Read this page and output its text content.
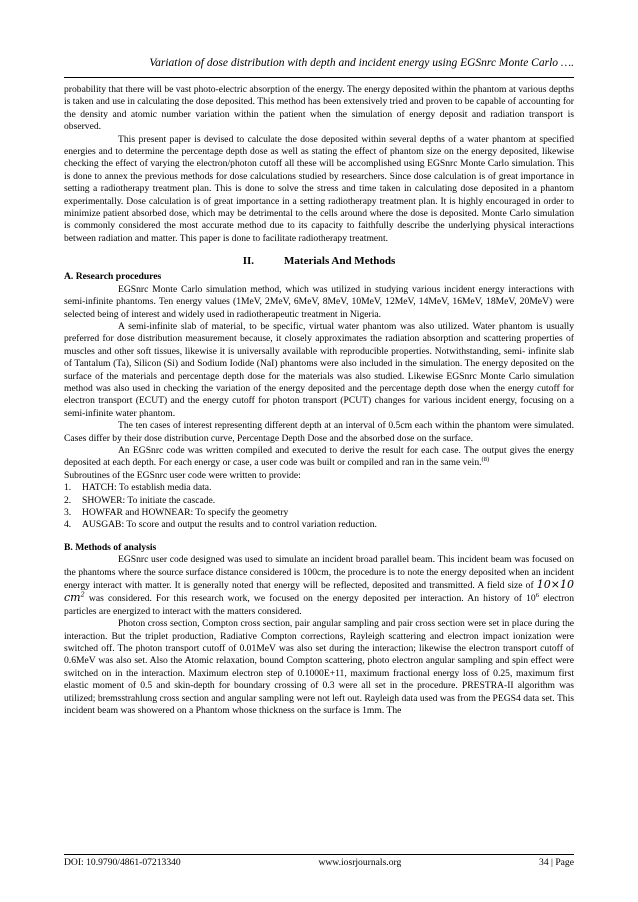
Variation of dose distribution with depth and incident energy using EGSnrc Monte Carlo ….

probability that there will be vast photo-electric absorption of the energy. The energy deposited within the phantom at various depths is taken and use in calculating the dose deposited. This method has been extensively tried and proven to be capable of accounting for the density and atomic number variation within the patient when the simulation of energy deposit and radiation transport is observed.

This present paper is devised to calculate the dose deposited within several depths of a water phantom at specified energies and to determine the percentage depth dose as well as stating the effect of phantom size on the energy deposited, likewise checking the effect of varying the electron/photon cutoff all these will be accomplished using EGSnrc Monte Carlo simulation. This is done to annex the previous methods for dose calculations studied by researchers. Since dose calculation is of great importance in setting a radiotherapy treatment plan. This is done to solve the stress and time taken in calculating dose deposited in a phantom experimentally. Dose calculation is of great importance in a setting radiotherapy treatment plan. It is highly encouraged in order to minimize patient absorbed dose, which may be detrimental to the cells around where the dose is deposited. Monte Carlo simulation is commonly considered the most accurate method due to its capacity to faithfully describe the underlying physical interactions between radiation and matter. This paper is done to facilitate radiotherapy treatment.

II.	Materials And Methods

A. Research procedures

EGSnrc Monte Carlo simulation method, which was utilized in studying various incident energy interactions with semi-infinite phantoms. Ten energy values (1MeV, 2MeV, 6MeV, 8MeV, 10MeV, 12MeV, 14MeV, 16MeV, 18MeV, 20MeV) were selected being of interest and widely used in radiotherapeutic treatment in Nigeria.

A semi-infinite slab of material, to be specific, virtual water phantom was also utilized. Water phantom is usually preferred for dose distribution measurement because, it closely approximates the radiation absorption and scattering properties of muscles and other soft tissues, likewise it is universally available with reproducible properties. Notwithstanding, semi- infinite slab of Tantalum (Ta), Silicon (Si) and Sodium Iodide (NaI) phantoms were also included in the simulation. The energy deposited on the surface of the materials and percentage depth dose for the materials was also studied. Likewise EGSnrc Monte Carlo simulation method was also used in checking the variation of the energy deposited and the percentage depth dose when the energy cutoff for electron transport (ECUT) and the energy cutoff for photon transport (PCUT) changes for various incident energy, focusing on a semi-infinite water phantom.

The ten cases of interest representing different depth at an interval of 0.5cm each within the phantom were simulated. Cases differ by their dose distribution curve, Percentage Depth Dose and the absorbed dose on the surface.

An EGSnrc code was written compiled and executed to derive the result for each case. The output gives the energy deposited at each depth. For each energy or case, a user code was built or compiled and ran in the same vein.$^{(8)}$

Subroutines of the EGSnrc user code were written to provide:

1.	HATCH: To establish media data.
2.	SHOWER: To initiate the cascade.
3.	HOWFAR and HOWNEAR: To specify the geometry
4.	AUSGAB: To score and output the results and to control variation reduction.

B. Methods of analysis

EGSnrc user code designed was used to simulate an incident broad parallel beam. This incident beam was focused on the phantoms where the source surface distance considered is 100cm, the procedure is to note the energy deposited when an incident energy interact with matter. It is generally noted that energy will be reflected, deposited and transmitted. A field size of 10×10 $cm^2$ was considered. For this research work, we focused on the energy deposited per interaction. An history of $10^6$ electron particles are energized to interact with the matters considered.

Photon cross section, Compton cross section, pair angular sampling and pair cross section were set in place during the interaction. But the triplet production, Radiative Compton corrections, Rayleigh scattering and electron impact ionization were switched off. The photon transport cutoff of 0.01MeV was also set during the interaction; likewise the electron transport cutoff of 0.6MeV was also set. Also the Atomic relaxation, bound Compton scattering, photo electron angular sampling and spin effect were switched on in the interaction. Maximum electron step of 0.1000E+11, maximum fractional energy loss of 0.25, maximum first elastic moment of 0.5 and skin-depth for boundary crossing of 0.3 were all set in the procedure. PRESTRA-II algorithm was utilized; bremsstrahlung cross section and angular sampling were not left out. Rayleigh data used was from the PEGS4 data set. This incident beam was showered on a Phantom whose thickness on the surface is 1mm. The

DOI: 10.9790/4861-07213340	www.iosrjournals.org	34 | Page
